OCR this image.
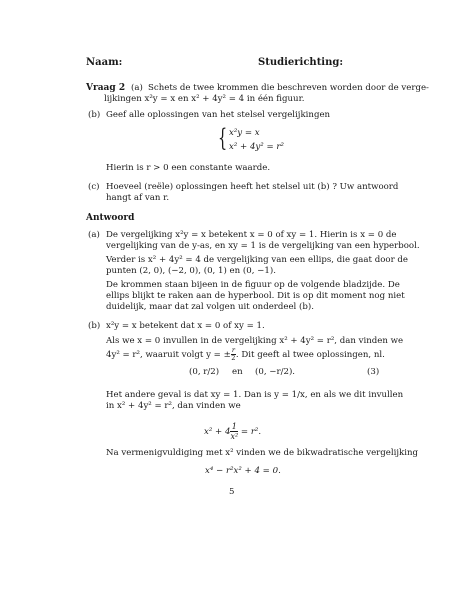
Naam:	Studierichting:
Vraag 2 (a) Schets de twee krommen die beschreven worden door de verge-
lijkingen x²y = x en x² + 4y² = 4 in één figuur.
(b) Geef alle oplossingen van het stelsel vergelijkingen
{ x²y = x
x² + 4y² = r²
Hierin is r > 0 een constante waarde.
(c) Hoeveel (reële) oplossingen heeft het stelsel uit (b) ? Uw antwoord
hangt af van r.
Antwoord
(a) De vergelijking x²y = x betekent x = 0 of xy = 1. Hierin is x = 0 de
vergelijking van de y-as, en xy = 1 is de vergelijking van een hyperbool.
Verder is x² + 4y² = 4 de vergelijking van een ellips, die gaat door de
punten (2, 0), (−2, 0), (0, 1) en (0, −1).
De krommen staan bijeen in de figuur op de volgende bladzijde. De
ellips blijkt te raken aan de hyperbool. Dit is op dit moment nog niet
duidelijk, maar dat zal volgen uit onderdeel (b).
(b) x²y = x betekent dat x = 0 of xy = 1.
Als we x = 0 invullen in de vergelijking x² + 4y² = r², dan vinden we
4y² = r², waaruit volgt y = ± $\frac{r}{2}$ . Dit geeft al twee oplossingen, nl.
(0, r/2) en (0, −r/2).	(3)
Het andere geval is dat xy = 1. Dan is y = 1/x, en als we dit invullen
in x² + 4y² = r², dan vinden we
$x^2 + 4 \frac{1}{\text{x²}} = r^2$.
Na vermenigvuldiging met x² vinden we de bikwadratische vergelijking
x⁴ − r²x² + 4 = 0.
5
